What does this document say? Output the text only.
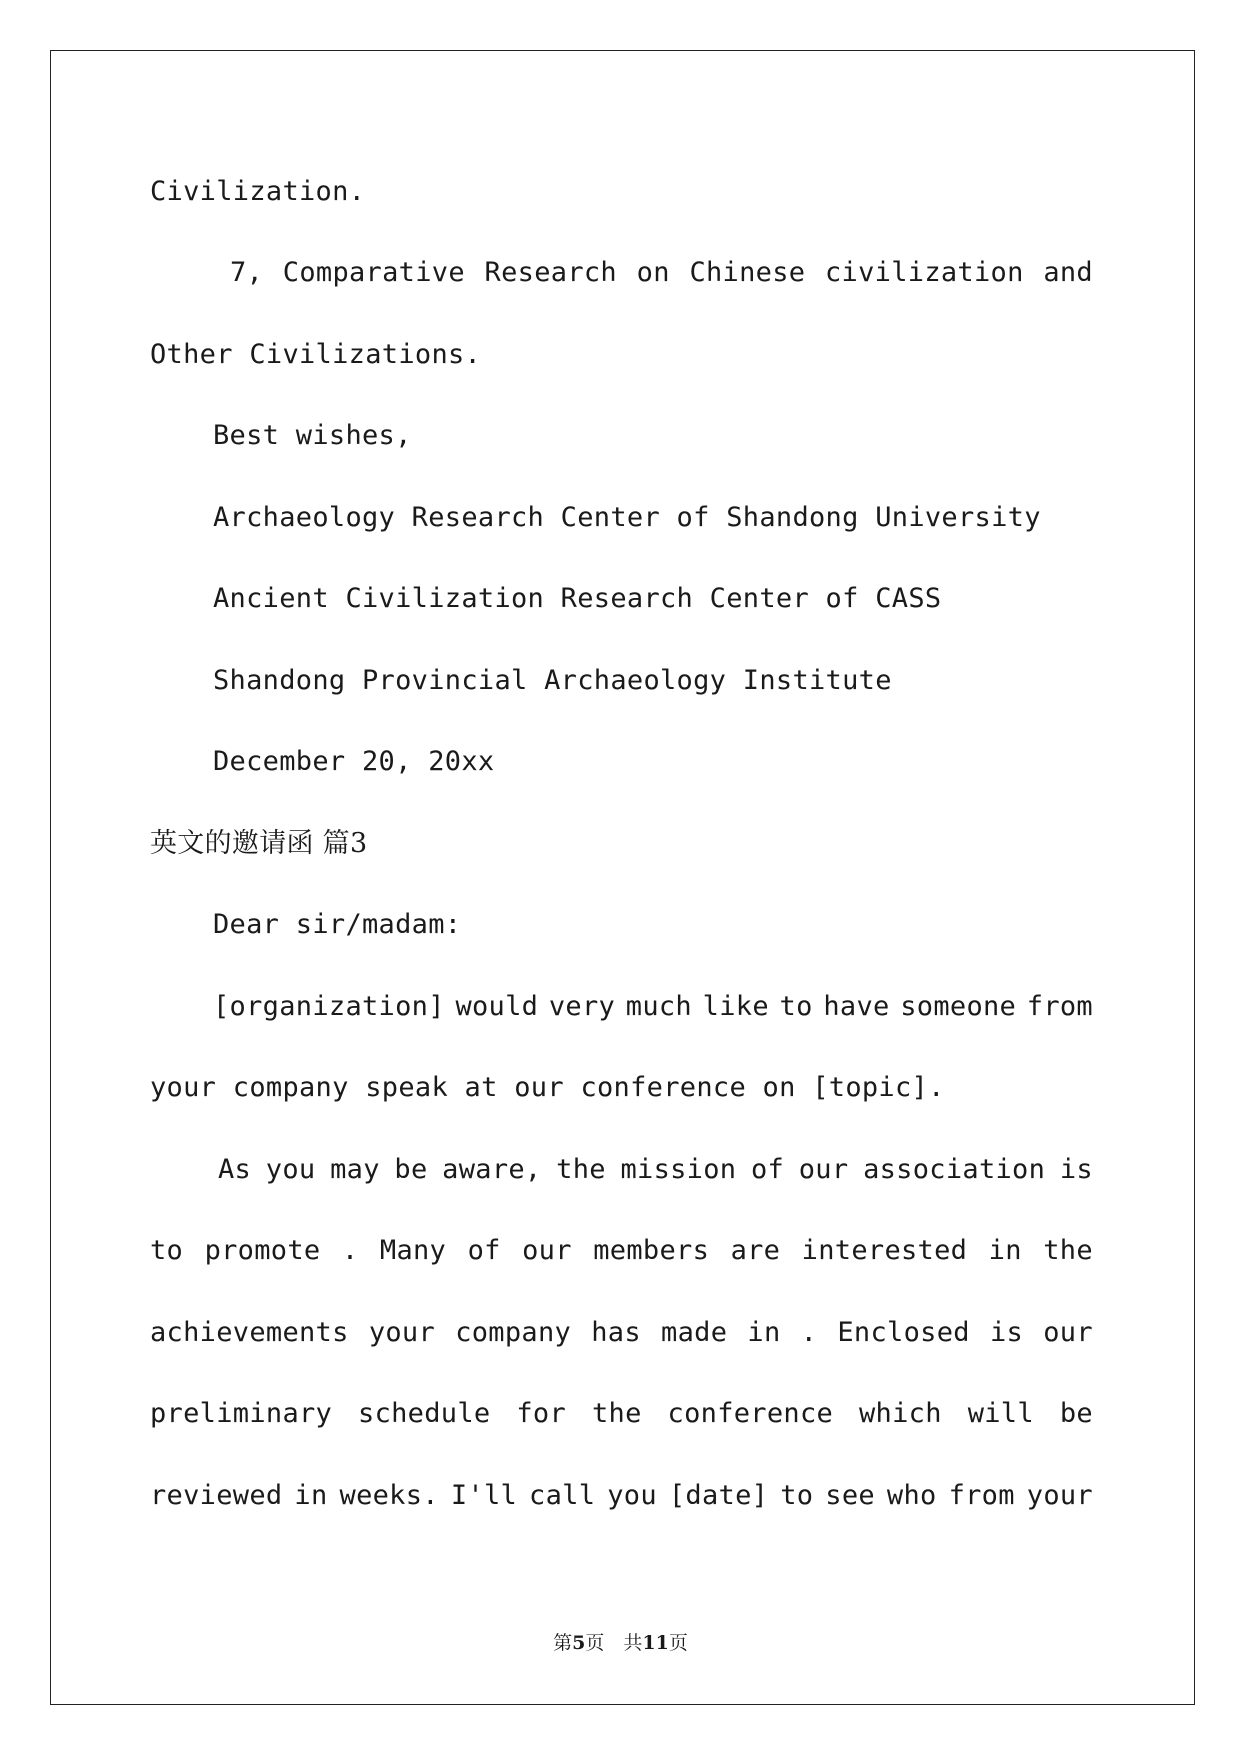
Civilization.
7, Comparative Research on Chinese civilization and
Other Civilizations.
Best wishes,
Archaeology Research Center of Shandong University
Ancient Civilization Research Center of CASS
Shandong Provincial Archaeology Institute
December 20, 20xx
英文的邀请函 篇3
Dear sir/madam:
[organization] would very much like to have someone from
your company speak at our conference on [topic].
As you may be aware, the mission of our association is
to promote . Many of our members are interested in the
achievements your company has made in . Enclosed is our
preliminary schedule for the conference which will be
reviewed in weeks. I'll call you [date] to see who from your
第5页　共11页
